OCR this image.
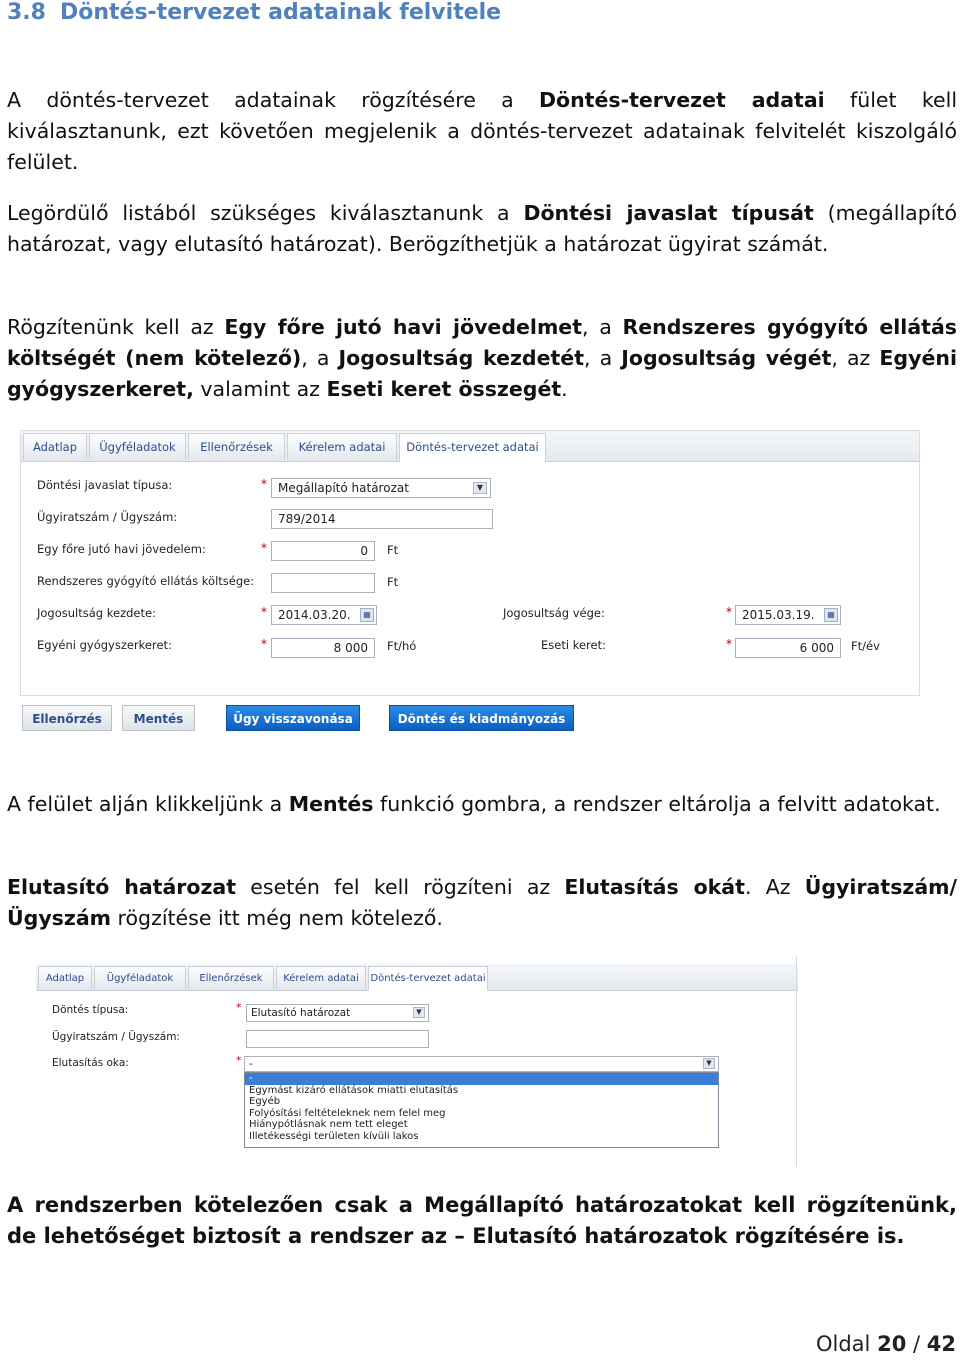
3.8 Döntés-tervezet adatainak felvitele

A döntés-tervezet adatainak rögzítésére a Döntés-tervezet adatai fület kell kiválasztanunk, ezt követően megjelenik a döntés-tervezet adatainak felvitelét kiszolgáló felület.

Legördülő listából szükséges kiválasztanunk a Döntési javaslat típusát (megállapító határozat, vagy elutasító határozat). Berögzíthetjük a határozat ügyirat számát.

Rögzítenünk kell az Egy főre jutó havi jövedelmet, a Rendszeres gyógyító ellátás költségét (nem kötelező), a Jogosultság kezdetét, a Jogosultság végét, az Egyéni gyógyszerkeret, valamint az Eseti keret összegét.

Adatlap	Ügyféladatok	Ellenőrzések	Kérelem adatai	Döntés-tervezet adatai
Döntési javaslat típusa:	* Megállapító határozat	▼
Ügyiratszám / Ügyszám:	789/2014
Egy főre jutó havi jövedelem:	*	0	Ft
Rendszeres gyógyító ellátás költsége:	Ft
Jogosultság kezdete:	* 2014.03.20.	▦	Jogosultság vége:	* 2015.03.19.	▦
Egyéni gyógyszerkeret:	*	8 000	Ft/hó	Eseti keret:	*	6 000	Ft/év
Ellenőrzés	Mentés	Ügy visszavonása	Döntés és kiadmányozás

A felület alján klikkeljünk a Mentés funkció gombra, a rendszer eltárolja a felvitt adatokat.

Elutasító határozat esetén fel kell rögzíteni az Elutasítás okát. Az Ügyiratszám/Ügyszám rögzítése itt még nem kötelező.

Adatlap	Ügyféladatok	Ellenőrzések	Kérelem adatai	Döntés-tervezet adatai
Döntés típusa:	* Elutasító határozat	▼
Ügyiratszám / Ügyszám:
Elutasítás oka:	* -	▼
-
Egymást kizáró ellátások miatti elutasítás
Egyéb
Folyósítási feltételeknek nem felel meg
Hiánypótlásnak nem tett eleget
Illetékességi területen kívüli lakos

A rendszerben kötelezően csak a Megállapító határozatokat kell rögzítenünk, de lehetőséget biztosít a rendszer az – Elutasító határozatok rögzítésére is.

Oldal 20 / 42
